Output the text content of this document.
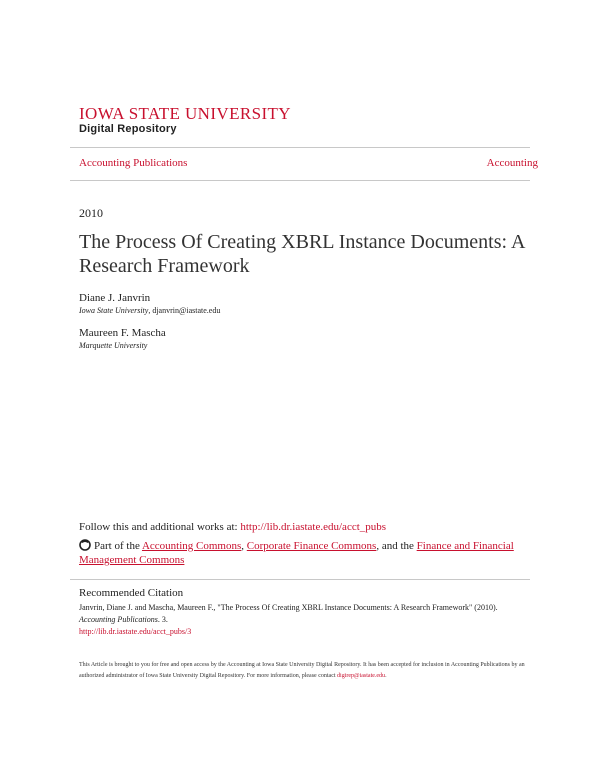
IOWA STATE UNIVERSITY
Digital Repository
Accounting Publications	Accounting
2010
The Process Of Creating XBRL Instance Documents: A Research Framework
Diane J. Janvrin
Iowa State University, djanvrin@iastate.edu
Maureen F. Mascha
Marquette University
Follow this and additional works at: http://lib.dr.iastate.edu/acct_pubs
Part of the Accounting Commons, Corporate Finance Commons, and the Finance and Financial Management Commons
Recommended Citation
Janvrin, Diane J. and Mascha, Maureen F., "The Process Of Creating XBRL Instance Documents: A Research Framework" (2010).
Accounting Publications. 3.
http://lib.dr.iastate.edu/acct_pubs/3
This Article is brought to you for free and open access by the Accounting at Iowa State University Digital Repository. It has been accepted for inclusion in Accounting Publications by an authorized administrator of Iowa State University Digital Repository. For more information, please contact digirep@iastate.edu.
